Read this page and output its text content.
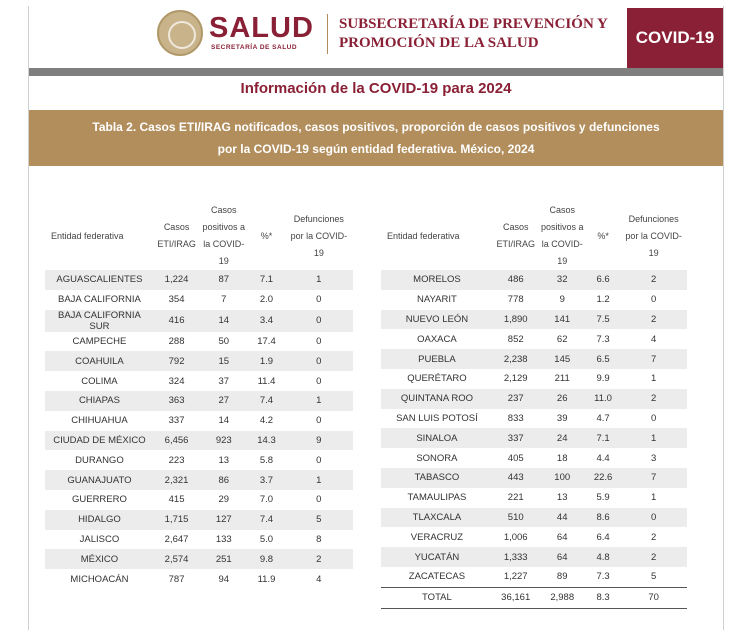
SALUD
SECRETARÍA DE SALUD
SUBSECRETARÍA DE PREVENCIÓN Y
PROMOCIÓN DE LA SALUD	COVID-19
Información de la COVID-19 para 2024
Tabla 2. Casos ETI/IRAG notificados, casos positivos, proporción de casos positivos y defunciones
por la COVID-19 según entidad federativa. México, 2024
Entidad federativa	Casos ETI/IRAG	Casos positivos a la COVID-19	%*	Defunciones por la COVID-19
AGUASCALIENTES	1,224	87	7.1	1
BAJA CALIFORNIA	354	7	2.0	0
BAJA CALIFORNIA SUR	416	14	3.4	0
CAMPECHE	288	50	17.4	0
COAHUILA	792	15	1.9	0
COLIMA	324	37	11.4	0
CHIAPAS	363	27	7.4	1
CHIHUAHUA	337	14	4.2	0
CIUDAD DE MÉXICO	6,456	923	14.3	9
DURANGO	223	13	5.8	0
GUANAJUATO	2,321	86	3.7	1
GUERRERO	415	29	7.0	0
HIDALGO	1,715	127	7.4	5
JALISCO	2,647	133	5.0	8
MÉXICO	2,574	251	9.8	2
MICHOACÁN	787	94	11.9	4
Entidad federativa	Casos ETI/IRAG	Casos positivos a la COVID-19	%*	Defunciones por la COVID-19
MORELOS	486	32	6.6	2
NAYARIT	778	9	1.2	0
NUEVO LEÓN	1,890	141	7.5	2
OAXACA	852	62	7.3	4
PUEBLA	2,238	145	6.5	7
QUERÉTARO	2,129	211	9.9	1
QUINTANA ROO	237	26	11.0	2
SAN LUIS POTOSÍ	833	39	4.7	0
SINALOA	337	24	7.1	1
SONORA	405	18	4.4	3
TABASCO	443	100	22.6	7
TAMAULIPAS	221	13	5.9	1
TLAXCALA	510	44	8.6	0
VERACRUZ	1,006	64	6.4	2
YUCATÁN	1,333	64	4.8	2
ZACATECAS	1,227	89	7.3	5
TOTAL	36,161	2,988	8.3	70
